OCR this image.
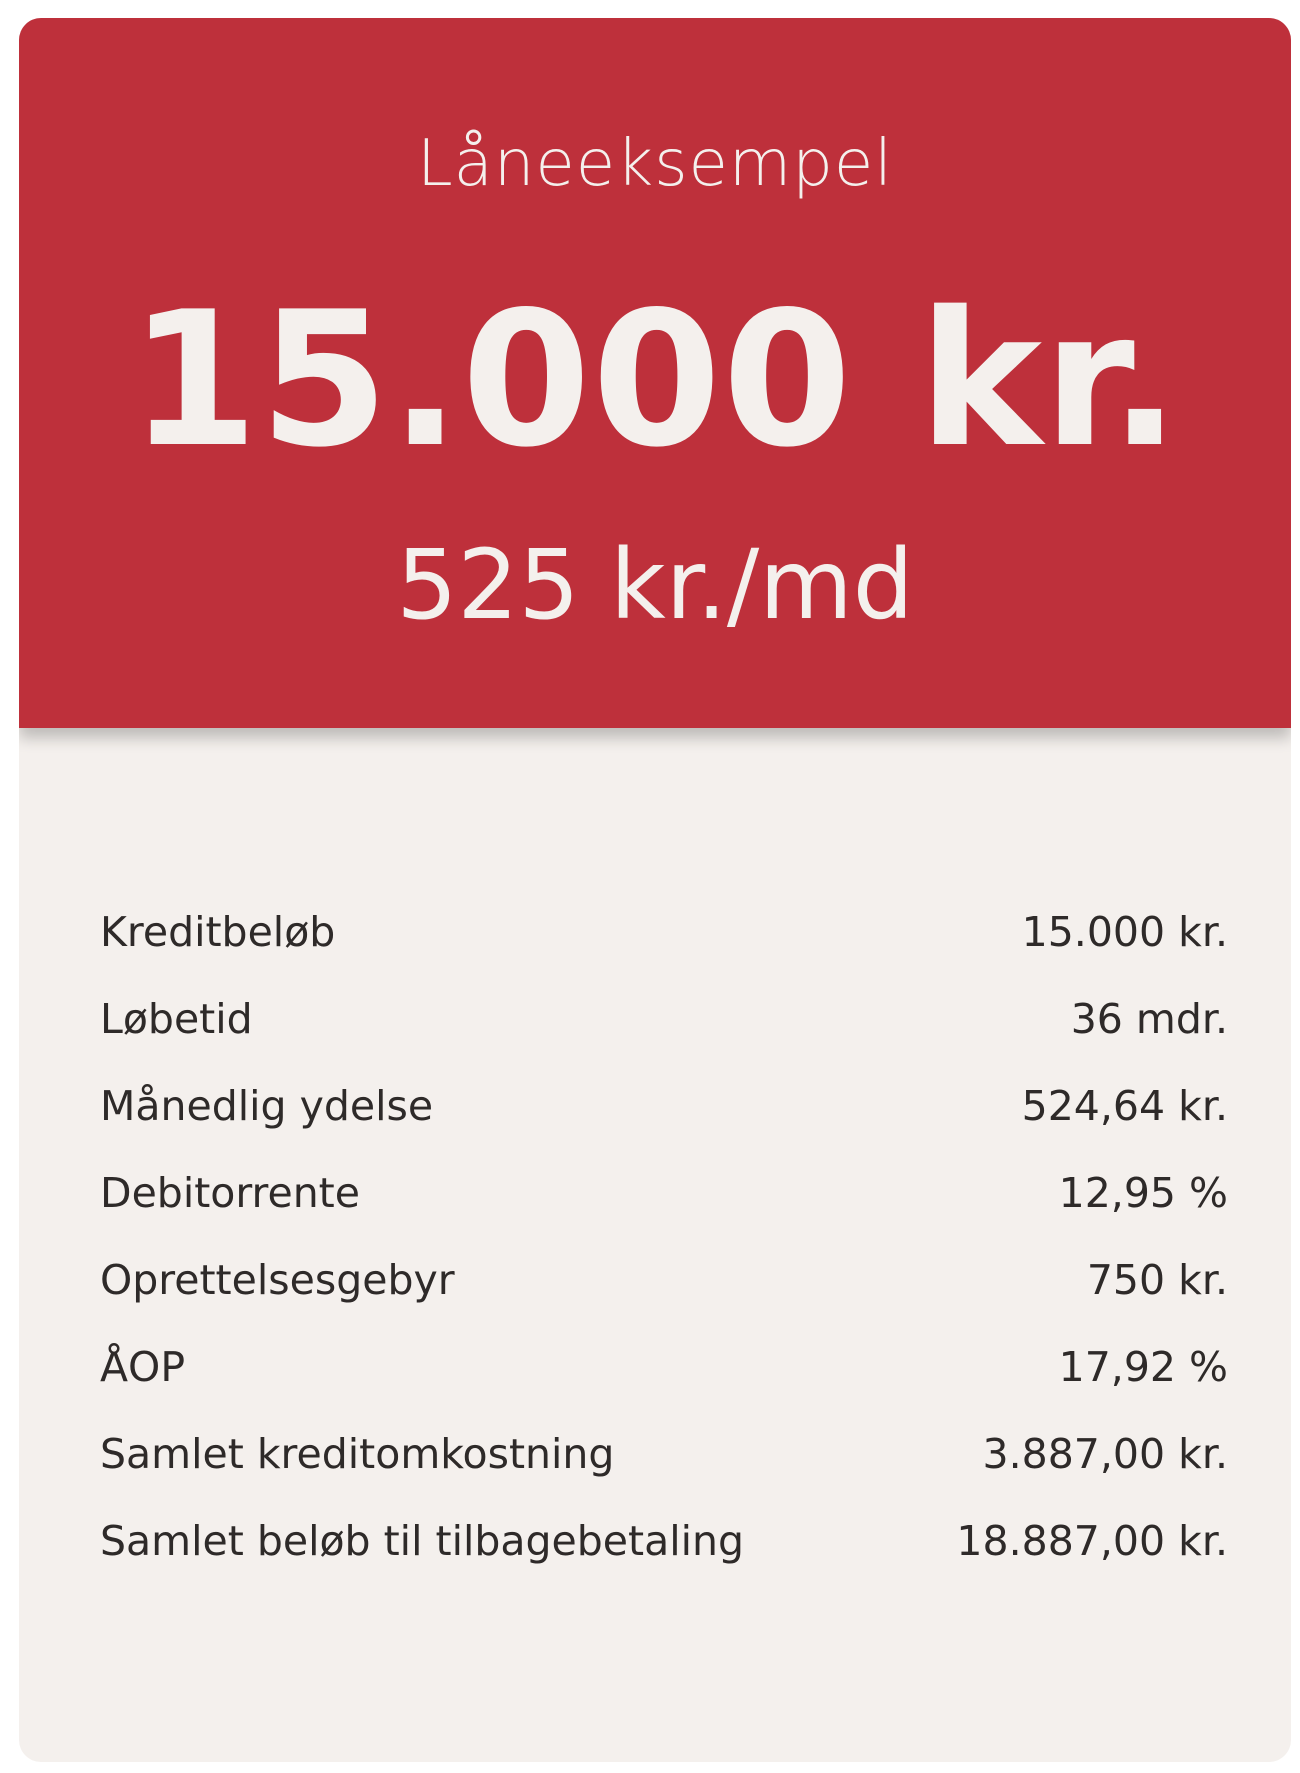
Låneeksempel
15.000 kr.
525 kr./md
Kreditbeløb	15.000 kr.
Løbetid	36 mdr.
Månedlig ydelse	524,64 kr.
Debitorrente	12,95 %
Oprettelsesgebyr	750 kr.
ÅOP	17,92 %
Samlet kreditomkostning	3.887,00 kr.
Samlet beløb til tilbagebetaling	18.887,00 kr.
